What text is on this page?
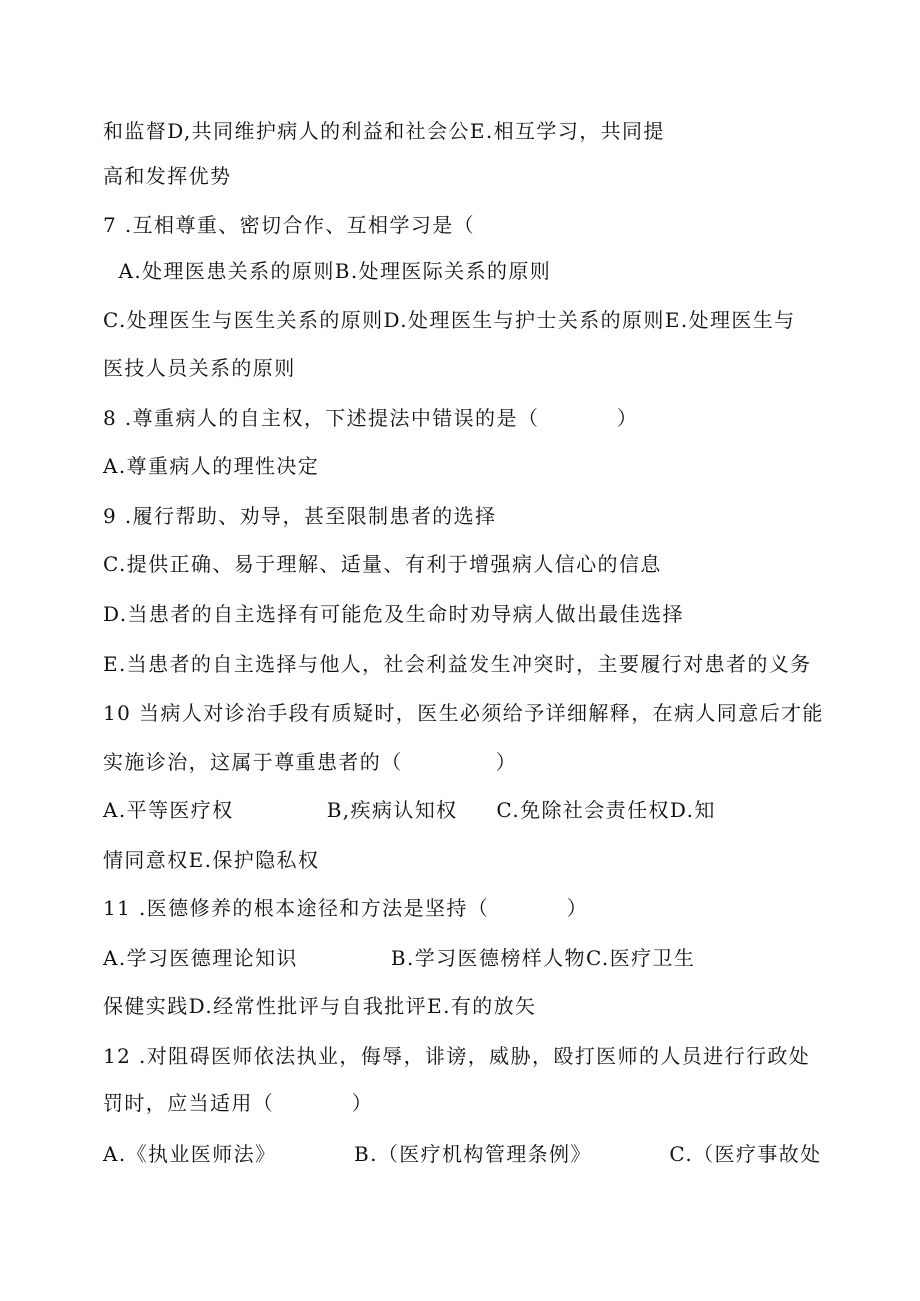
和监督D,共同维护病人的利益和社会公E.相互学习，共同提
高和发挥优势
7 .互相尊重、密切合作、互相学习是（
A.处理医患关系的原则B.处理医际关系的原则
C.处理医生与医生关系的原则D.处理医生与护士关系的原则E.处理医生与
医技人员关系的原则
8 .尊重病人的自主权，下述提法中错误的是（          ）
A.尊重病人的理性决定
9 .履行帮助、劝导，甚至限制患者的选择
C.提供正确、易于理解、适量、有利于增强病人信心的信息
D.当患者的自主选择有可能危及生命时劝导病人做出最佳选择
E.当患者的自主选择与他人，社会利益发生冲突时，主要履行对患者的义务
10 当病人对诊治手段有质疑时，医生必须给予详细解释，在病人同意后才能
实施诊治，这属于尊重患者的（            ）
A.平等医疗权            B,疾病认知权     C.免除社会责任权D.知
情同意权E.保护隐私权
11 .医德修养的根本途径和方法是坚持（          ）
A.学习医德理论知识            B.学习医德榜样人物C.医疗卫生
保健实践D.经常性批评与自我批评E.有的放矢
12 .对阻碍医师依法执业，侮辱，诽谤，威胁，殴打医师的人员进行行政处
罚时，应当适用（          ）
A.《执业医师法》          B.（医疗机构管理条例》          C.（医疗事故处
